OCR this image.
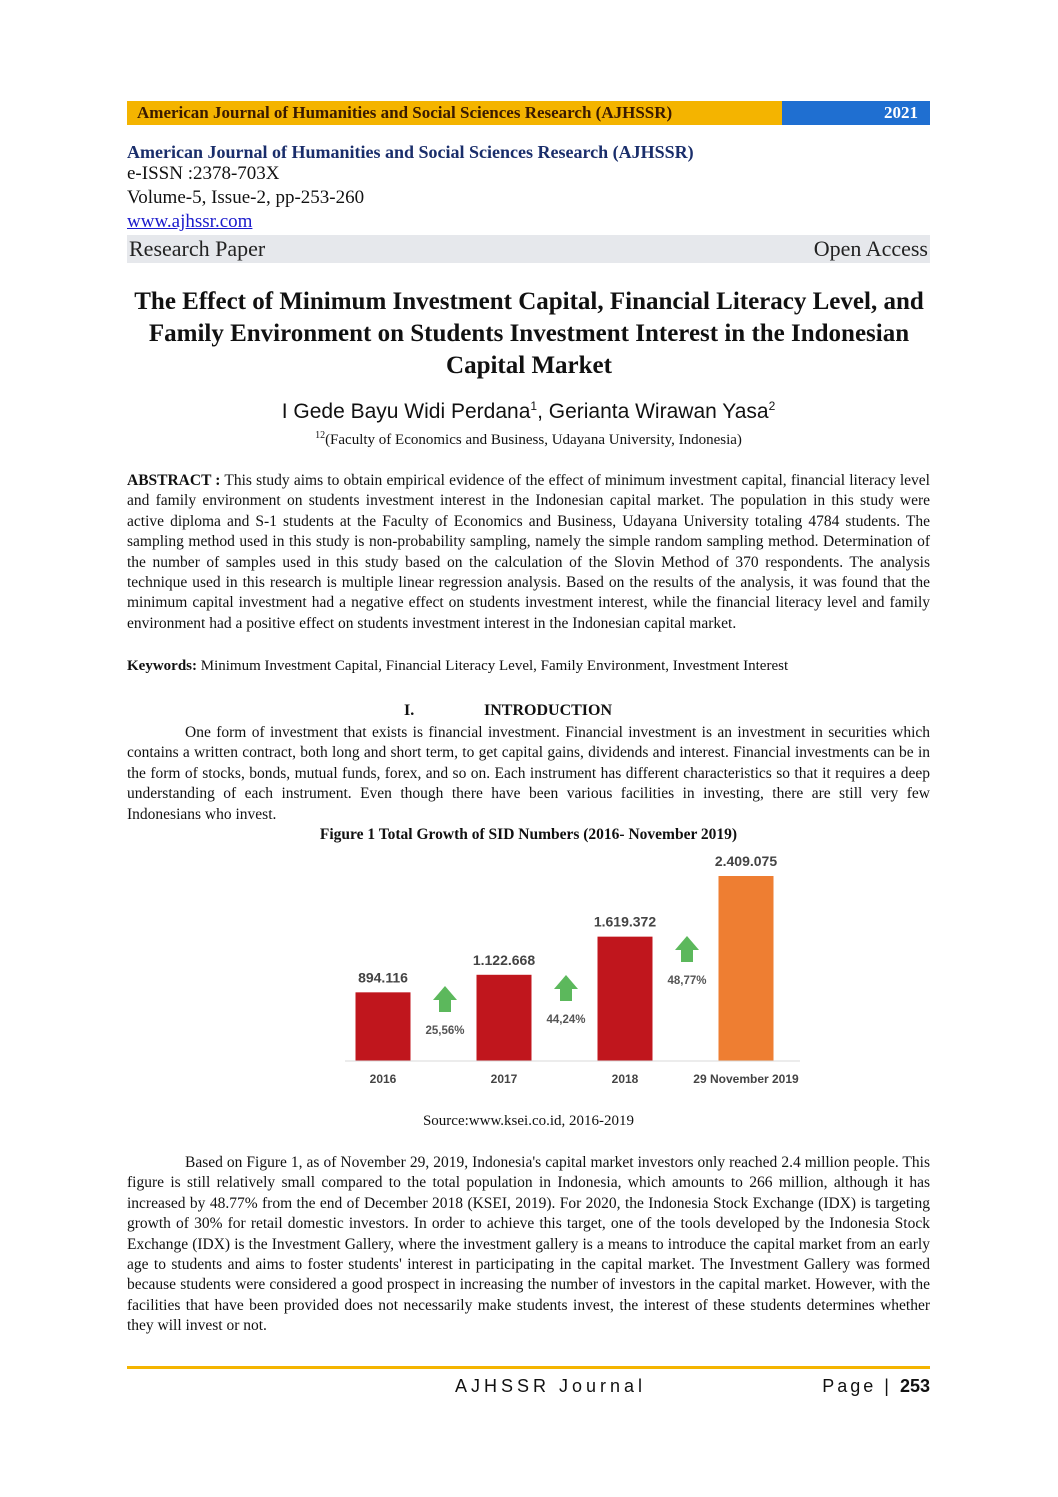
American Journal of Humanities and Social Sciences Research (AJHSSR)	2021
American Journal of Humanities and Social Sciences Research (AJHSSR)
e-ISSN :2378-703X
Volume-5, Issue-2, pp-253-260
www.ajhssr.com
Research Paper	Open Access
The Effect of Minimum Investment Capital, Financial Literacy Level, and Family Environment on Students Investment Interest in the Indonesian Capital Market
I Gede Bayu Widi Perdana$^1$, Gerianta Wirawan Yasa$^2$
$^{12}$(Faculty of Economics and Business, Udayana University, Indonesia)
ABSTRACT : This study aims to obtain empirical evidence of the effect of minimum investment capital, financial literacy level and family environment on students investment interest in the Indonesian capital market. The population in this study were active diploma and S-1 students at the Faculty of Economics and Business, Udayana University totaling 4784 students. The sampling method used in this study is non-probability sampling, namely the simple random sampling method. Determination of the number of samples used in this study based on the calculation of the Slovin Method of 370 respondents. The analysis technique used in this research is multiple linear regression analysis. Based on the results of the analysis, it was found that the minimum capital investment had a negative effect on students investment interest, while the financial literacy level and family environment had a positive effect on students investment interest in the Indonesian capital market.
Keywords: Minimum Investment Capital, Financial Literacy Level, Family Environment, Investment Interest
I.	INTRODUCTION
One form of investment that exists is financial investment. Financial investment is an investment in securities which contains a written contract, both long and short term, to get capital gains, dividends and interest. Financial investments can be in the form of stocks, bonds, mutual funds, forex, and so on. Each instrument has different characteristics so that it requires a deep understanding of each instrument. Even though there have been various facilities in investing, there are still very few Indonesians who invest.
Figure 1 Total Growth of SID Numbers (2016- November 2019)
894.116
2016
1.122.668
2017
1.619.372
2018
2.409.075
29 November 2019
25,56%
44,24%
48,77%
Source:www.ksei.co.id, 2016-2019
Based on Figure 1, as of November 29, 2019, Indonesia's capital market investors only reached 2.4 million people. This figure is still relatively small compared to the total population in Indonesia, which amounts to 266 million, although it has increased by 48.77% from the end of December 2018 (KSEI, 2019). For 2020, the Indonesia Stock Exchange (IDX) is targeting growth of 30% for retail domestic investors. In order to achieve this target, one of the tools developed by the Indonesia Stock Exchange (IDX) is the Investment Gallery, where the investment gallery is a means to introduce the capital market from an early age to students and aims to foster students' interest in participating in the capital market. The Investment Gallery was formed because students were considered a good prospect in increasing the number of investors in the capital market. However, with the facilities that have been provided does not necessarily make students invest, the interest of these students determines whether they will invest or not.
AJHSSR Journal	Page | 253
